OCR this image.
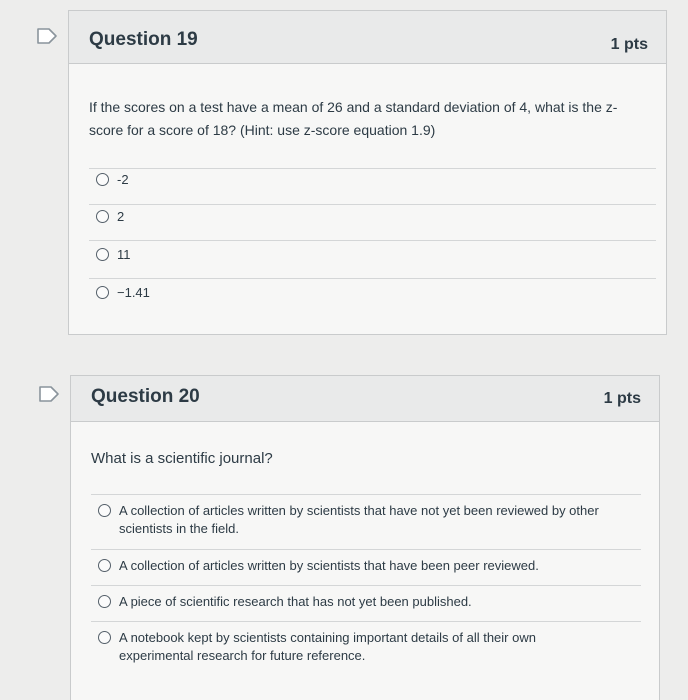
Question 19	1 pts
If the scores on a test have a mean of 26 and a standard deviation of 4, what is the z-score for a score of 18? (Hint: use z-score equation 1.9)
-2
2
11
−1.41
Question 20	1 pts
What is a scientific journal?
A collection of articles written by scientists that have not yet been reviewed by other scientists in the field.
A collection of articles written by scientists that have been peer reviewed.
A piece of scientific research that has not yet been published.
A notebook kept by scientists containing important details of all their own experimental research for future reference.
